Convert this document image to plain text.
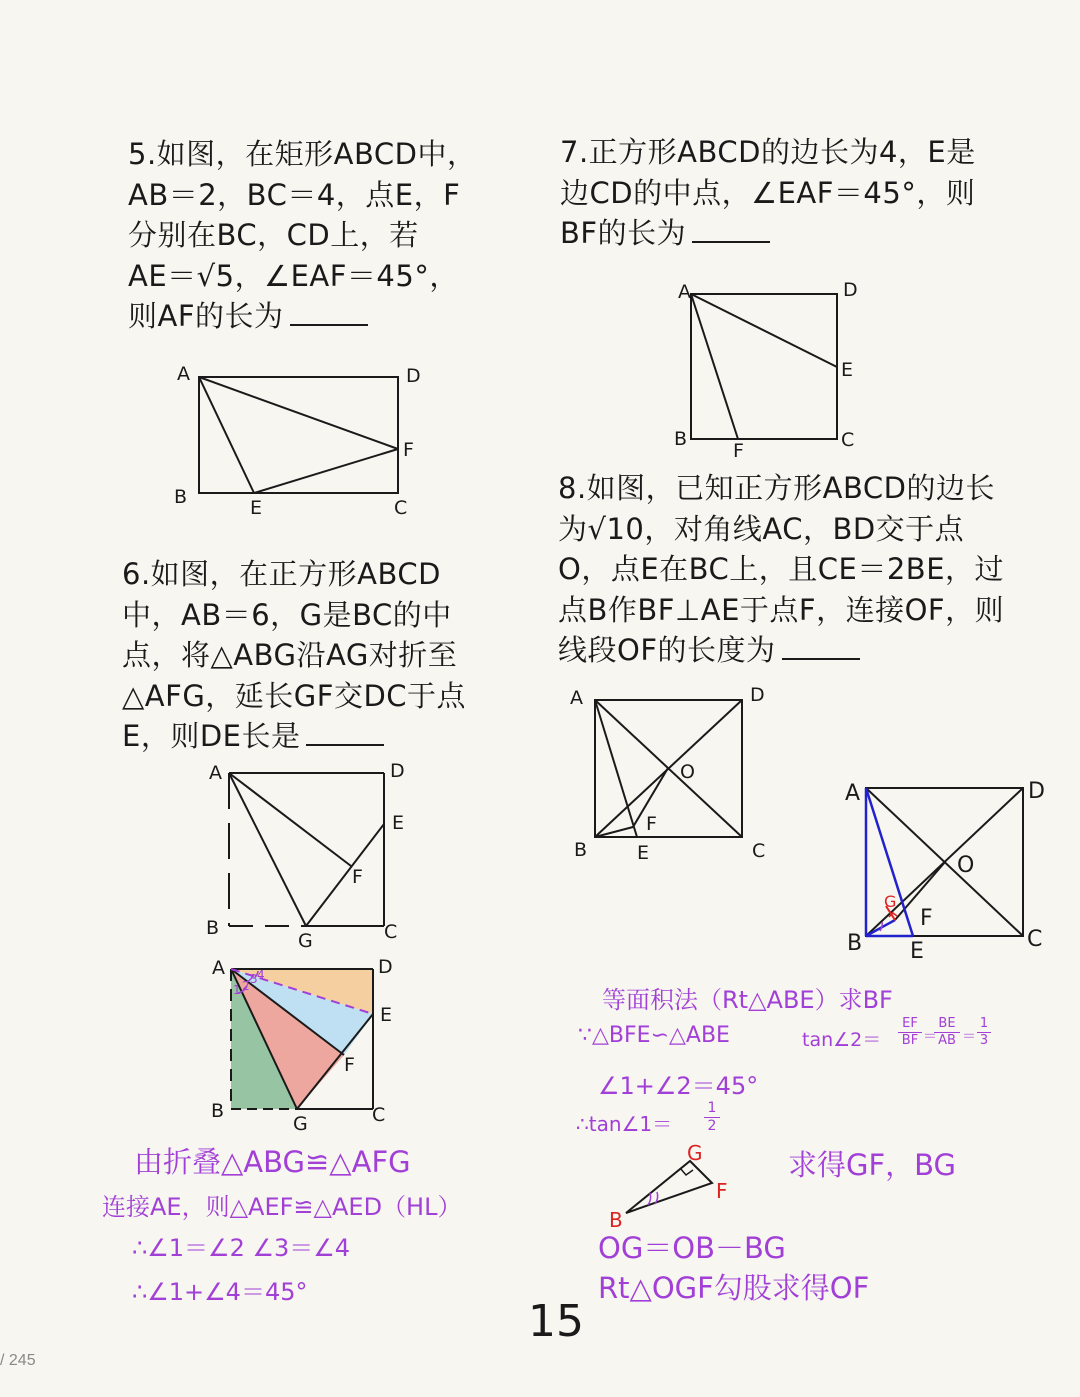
5.如图，在矩形ABCD中，
AB＝2，BC＝4，点E，F
分别在BC，CD上，若
AE＝√5，∠EAF＝45°，
则AF的长为
A	D
F
B	E	C
7.正方形ABCD的边长为4，E是
边CD的中点，∠EAF＝45°，则
BF的长为
A	D
E
B
F	C
6.如图，在正方形ABCD
中，AB＝6，G是BC的中
点，将△ABG沿AG对折至
△AFG，延长GF交DC于点
E，则DE长是
A	D
E
F
B
G	C
A	D
E
F
B
G	C
1 2 3 4
由折叠△ABG≌△AFG
连接AE，则△AEF≌△AED（HL）
∴∠1＝∠2 ∠3＝∠4
∴∠1+∠4＝45°
8.如图，已知正方形ABCD的边长
为√10，对角线AC，BD交于点
O，点E在BC上，且CE＝2BE，过
点B作BF⊥AE于点F，连接OF，则
线段OF的长度为
A	D
O
F
B	E	C
A	D
O
F
G
B E	C
等面积法（Rt△ABE）求BF
∵△BFE∽△ABE	tan∠2＝
EF
BF ＝
BE
AB ＝
1
3
∠1+∠2＝45°
∴tan∠1＝
1
2
B
G
F
求得GF，BG
OG＝OB－BG
Rt△OGF勾股求得OF
15
/ 245
